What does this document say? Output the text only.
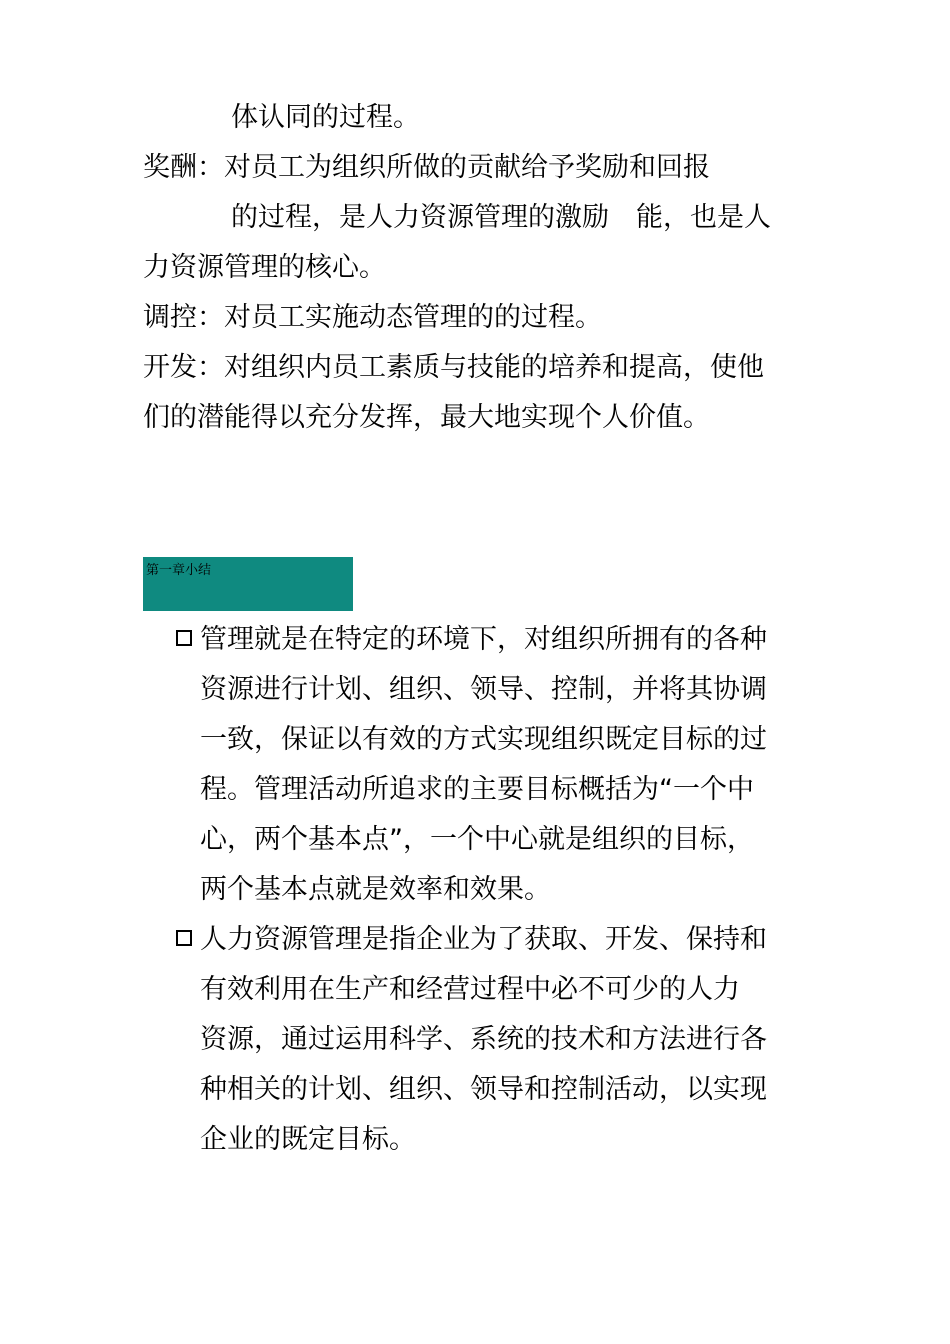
体认同的过程。
奖酬：对员工为组织所做的贡献给予奖励和回报
的过程，是人力资源管理的激励　能，也是人
力资源管理的核心。
调控：对员工实施动态管理的的过程。
开发：对组织内员工素质与技能的培养和提高，使他
们的潜能得以充分发挥，最大地实现个人价值。
第一章小结
管理就是在特定的环境下，对组织所拥有的各种
资源进行计划、组织、领导、控制，并将其协调
一致，保证以有效的方式实现组织既定目标的过
程。管理活动所追求的主要目标概括为“一个中
心，两个基本点”，一个中心就是组织的目标，
两个基本点就是效率和效果。
人力资源管理是指企业为了获取、开发、保持和
有效利用在生产和经营过程中必不可少的人力
资源，通过运用科学、系统的技术和方法进行各
种相关的计划、组织、领导和控制活动，以实现
企业的既定目标。
